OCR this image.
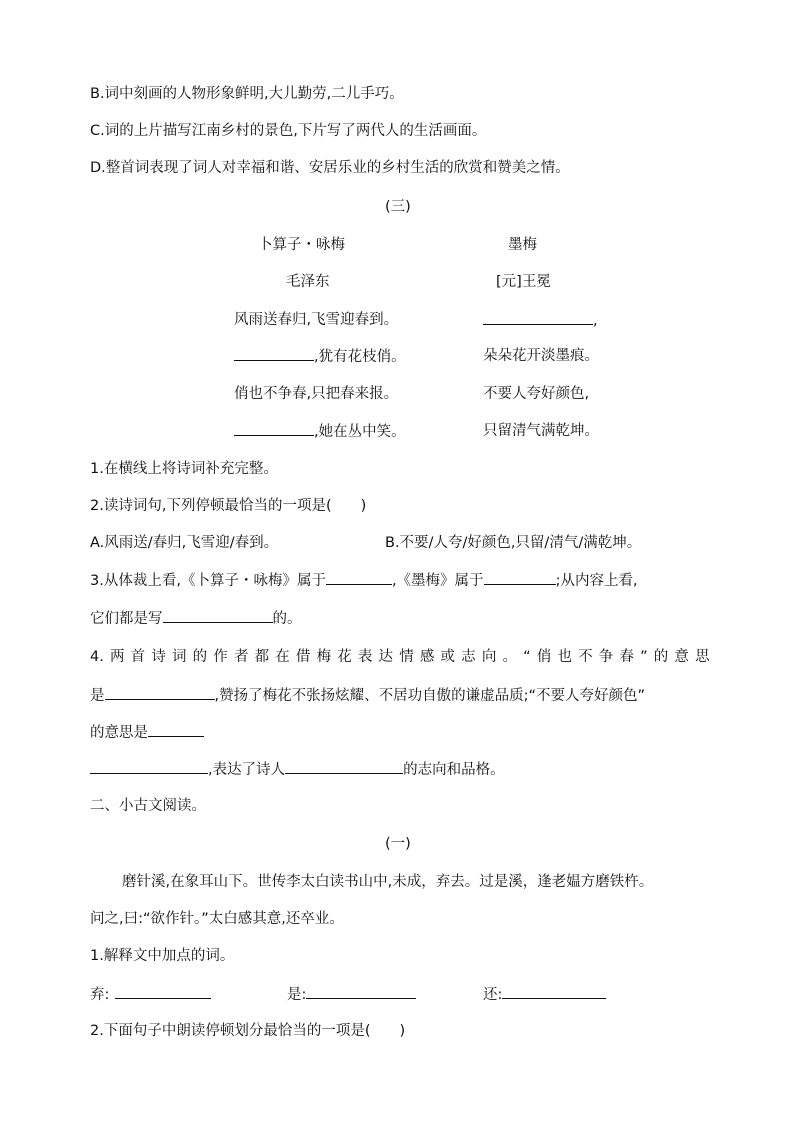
B.词中刻画的人物形象鲜明,大儿勤劳,二儿手巧。
C.词的上片描写江南乡村的景色,下片写了两代人的生活画面。
D.整首词表现了词人对幸福和谐、安居乐业的乡村生活的欣赏和赞美之情。
(三)
卜算子・咏梅	墨梅
毛泽东	[元]王冕
风雨送春归,飞雪迎春到。	,
,犹有花枝俏。	朵朵花开淡墨痕。
俏也不争春,只把春来报。	不要人夸好颜色,
,她在丛中笑。	只留清气满乾坤。
1.在横线上将诗词补充完整。
2.读诗词句,下列停顿最恰当的一项是(　　)
A.风雨送/春归,飞雪迎/春到。	B.不要/人夸/好颜色,只留/清气/满乾坤。
3.从体裁上看,《卜算子・咏梅》属于	,《墨梅》属于	;从内容上看,
它们都是写	的。
4. 两 首 诗 词 的 作 者 都 在 借 梅 花 表 达 情 感 或 志 向 。 “ 俏 也 不 争 春 ” 的 意 思
是	,赞扬了梅花不张扬炫耀、不居功自傲的谦虚品质;“不要人夸好颜色”
的意思是
,表达了诗人	的志向和品格。
二、小古文阅读。
(一)
磨针溪,在象耳山下。世传李太白读书山中,未成，弃去。过是溪，逢老媪方磨铁杵。
问之,曰:“欲作针。”太白感其意,还卒业。
1.解释文中加点的词。
弃:	是:	还:
2.下面句子中朗读停顿划分最恰当的一项是(　　)
